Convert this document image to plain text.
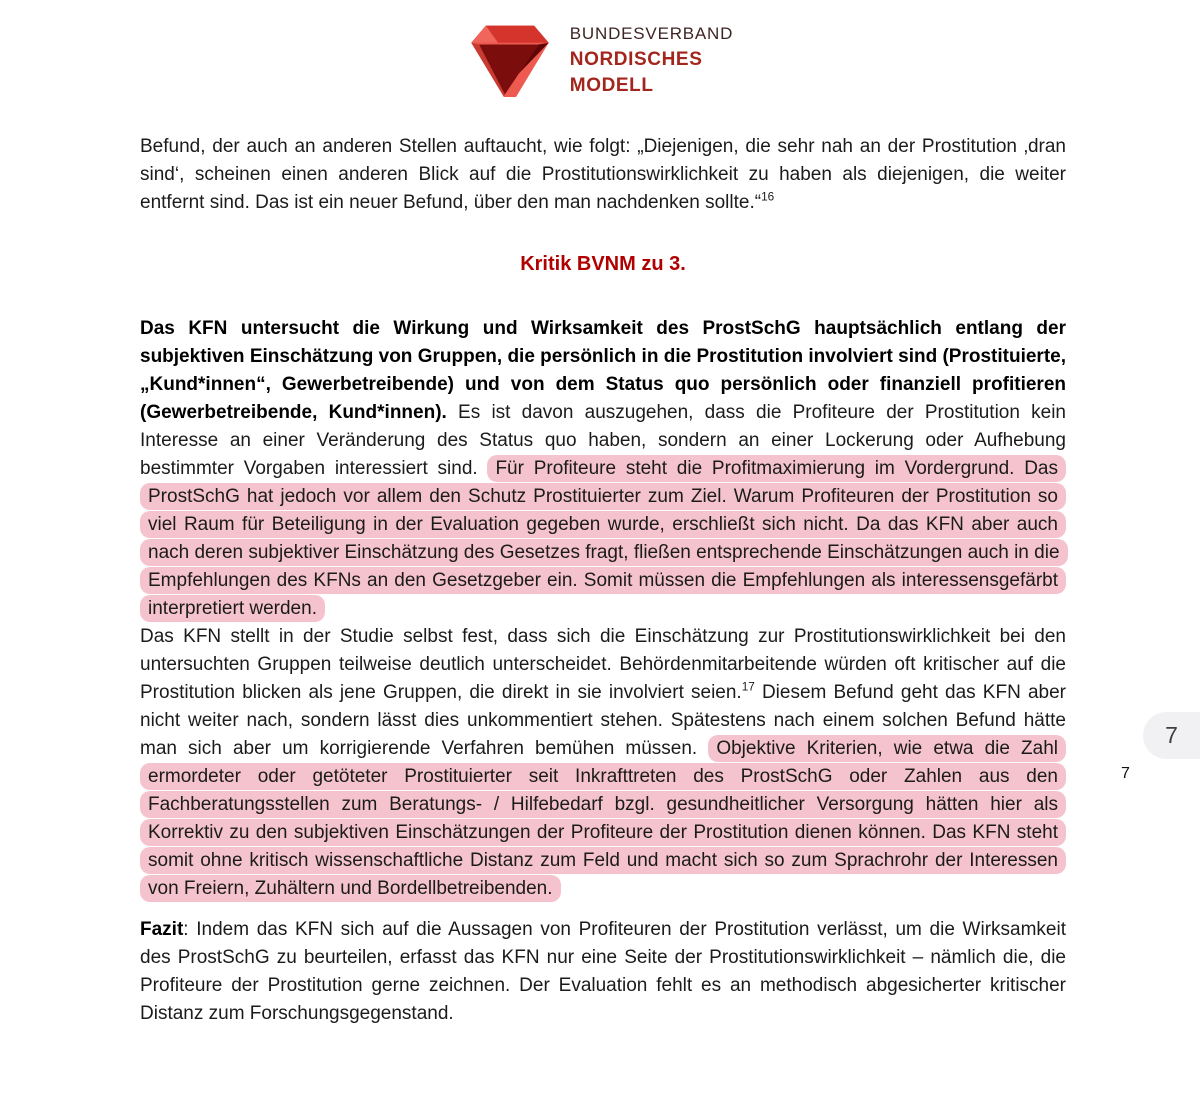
BUNDESVERBAND
NORDISCHES
MODELL

Befund, der auch an anderen Stellen auftaucht, wie folgt: „Diejenigen, die sehr nah an der Prostitution ‚dran sind‘, scheinen einen anderen Blick auf die Prostitutionswirklichkeit zu haben als diejenigen, die weiter entfernt sind. Das ist ein neuer Befund, über den man nachdenken sollte.“$^{16}$

Kritik BVNM zu 3.

Das KFN untersucht die Wirkung und Wirksamkeit des ProstSchG hauptsächlich entlang der subjektiven Einschätzung von Gruppen, die persönlich in die Prostitution involviert sind (Prostituierte, „Kund*innen“, Gewerbetreibende) und von dem Status quo persönlich oder finanziell profitieren (Gewerbetreibende, Kund*innen). Es ist davon auszugehen, dass die Profiteure der Prostitution kein Interesse an einer Veränderung des Status quo haben, sondern an einer Lockerung oder Aufhebung bestimmter Vorgaben interessiert sind. Für Profiteure steht die Profitmaximierung im Vordergrund. Das ProstSchG hat jedoch vor allem den Schutz Prostituierter zum Ziel. Warum Profiteuren der Prostitution so viel Raum für Beteiligung in der Evaluation gegeben wurde, erschließt sich nicht. Da das KFN aber auch nach deren subjektiver Einschätzung des Gesetzes fragt, fließen entsprechende Einschätzungen auch in die Empfehlungen des KFNs an den Gesetzgeber ein. Somit müssen die Empfehlungen als interessensgefärbt interpretiert werden.

Das KFN stellt in der Studie selbst fest, dass sich die Einschätzung zur Prostitutionswirklichkeit bei den untersuchten Gruppen teilweise deutlich unterscheidet. Behördenmitarbeitende würden oft kritischer auf die Prostitution blicken als jene Gruppen, die direkt in sie involviert seien.$^{17}$ Diesem Befund geht das KFN aber nicht weiter nach, sondern lässt dies unkommentiert stehen. Spätestens nach einem solchen Befund hätte man sich aber um korrigierende Verfahren bemühen müssen. Objektive Kriterien, wie etwa die Zahl ermordeter oder getöteter Prostituierter seit Inkrafttreten des ProstSchG oder Zahlen aus den Fachberatungsstellen zum Beratungs- / Hilfebedarf bzgl. gesundheitlicher Versorgung hätten hier als Korrektiv zu den subjektiven Einschätzungen der Profiteure der Prostitution dienen können. Das KFN steht somit ohne kritisch wissenschaftliche Distanz zum Feld und macht sich so zum Sprachrohr der Interessen von Freiern, Zuhältern und Bordellbetreibenden.

Fazit: Indem das KFN sich auf die Aussagen von Profiteuren der Prostitution verlässt, um die Wirksamkeit des ProstSchG zu beurteilen, erfasst das KFN nur eine Seite der Prostitutionswirklichkeit – nämlich die, die Profiteure der Prostitution gerne zeichnen. Der Evaluation fehlt es an methodisch abgesicherter kritischer Distanz zum Forschungsgegenstand.

7
7
